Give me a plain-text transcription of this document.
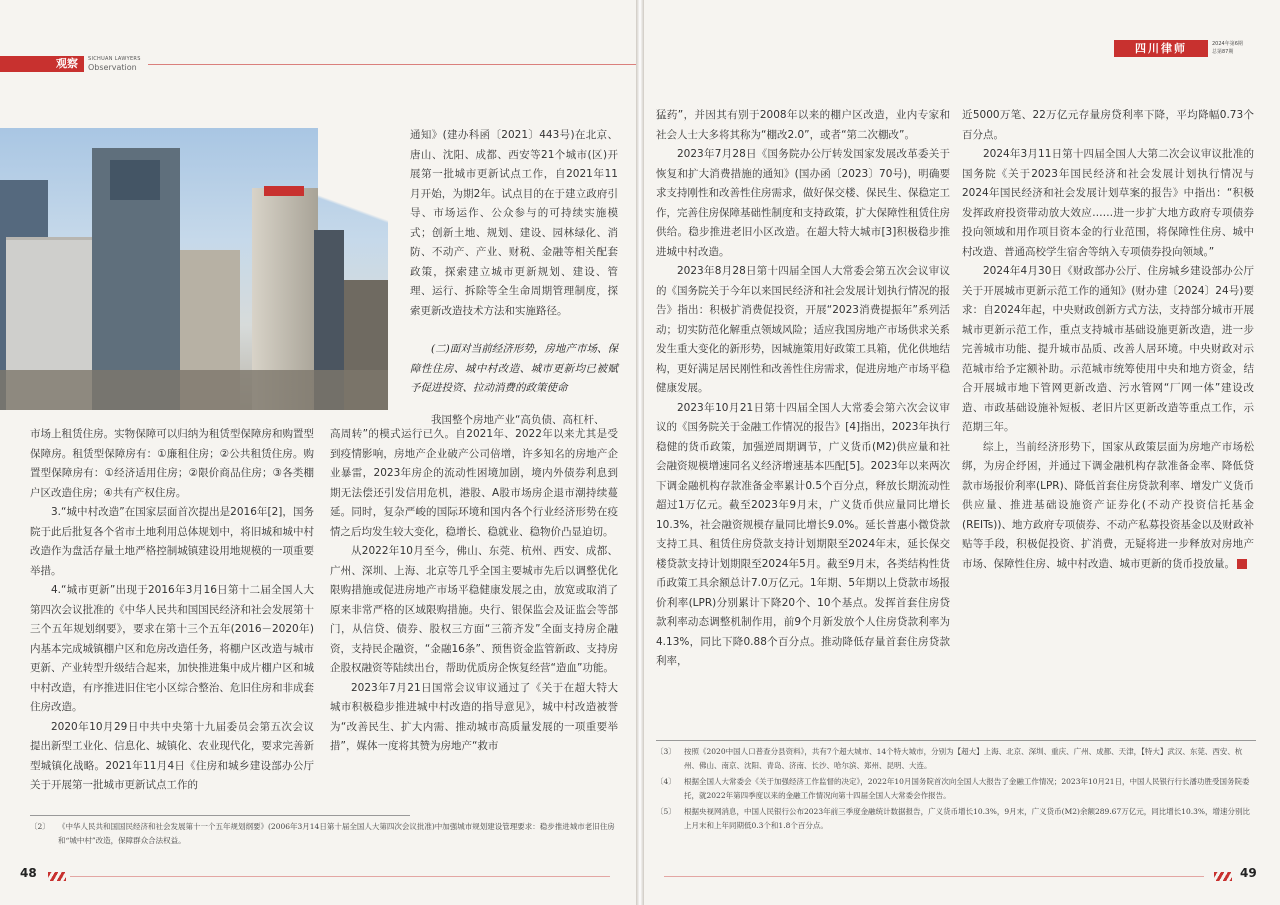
观察	SICHUAN LAWYERS
Observation

通知》(建办科函〔2021〕443号)在北京、唐山、沈阳、成都、西安等21个城市(区)开展第一批城市更新试点工作，自2021年11月开始，为期2年。试点目的在于建立政府引导、市场运作、公众参与的可持续实施模式；创新土地、规划、建设、园林绿化、消防、不动产、产业、财税、金融等相关配套政策，探索建立城市更新规划、建设、管理、运行、拆除等全生命周期管理制度，探索更新改造技术方法和实施路径。

(二)面对当前经济形势，房地产市场、保障性住房、城中村改造、城市更新均已被赋予促进投资、拉动消费的政策使命

我国整个房地产业“高负债、高杠杆、

市场上租赁住房。实物保障可以归纳为租赁型保障房和购置型保障房。租赁型保障房有：①廉租住房；②公共租赁住房。购置型保障房有：①经济适用住房；②限价商品住房；③各类棚户区改造住房；④共有产权住房。

3.“城中村改造”在国家层面首次提出是2016年[2]，国务院于此后批复各个省市土地利用总体规划中，将旧城和城中村改造作为盘活存量土地严格控制城镇建设用地规模的一项重要举措。

4.“城市更新”出现于2016年3月16日第十二届全国人大第四次会议批准的《中华人民共和国国民经济和社会发展第十三个五年规划纲要》，要求在第十三个五年(2016－2020年)内基本完成城镇棚户区和危房改造任务，将棚户区改造与城市更新、产业转型升级结合起来，加快推进集中成片棚户区和城中村改造，有序推进旧住宅小区综合整治、危旧住房和非成套住房改造。

2020年10月29日中共中央第十九届委员会第五次会议提出新型工业化、信息化、城镇化、农业现代化，要求完善新型城镇化战略。2021年11月4日《住房和城乡建设部办公厅关于开展第一批城市更新试点工作的

高周转”的模式运行已久。自2021年、2022年以来尤其是受到疫情影响，房地产企业破产公司倍增，许多知名的房地产企业暴雷，2023年房企的流动性困境加剧，境内外债券利息到期无法偿还引发信用危机，港股、A股市场房企退市潮持续蔓延。同时，复杂严峻的国际环境和国内各个行业经济形势在疫情之后均发生较大变化，稳增长、稳就业、稳物价凸显迫切。

从2022年10月至今，佛山、东莞、杭州、西安、成都、广州、深圳、上海、北京等几乎全国主要城市先后以调整优化限购措施或促进房地产市场平稳健康发展之由，放宽或取消了原来非常严格的区域限购措施。央行、银保监会及证监会等部门，从信贷、债券、股权三方面“三箭齐发”全面支持房企融资，支持民企融资，“金融16条”、预售资金监管新政、支持房企股权融资等陆续出台，帮助优质房企恢复经营“造血”功能。

2023年7月21日国常会议审议通过了《关于在超大特大城市积极稳步推进城中村改造的指导意见》，城中村改造被誉为“改善民生、扩大内需、推动城市高质量发展的一项重要举措”，媒体一度将其赞为房地产“救市

〔2〕	《中华人民共和国国民经济和社会发展第十一个五年规划纲要》(2006年3月14日第十届全国人大第四次会议批准)中加强城市规划建设管理要求：稳步推进城市老旧住房和“城中村”改造，保障群众合法权益。
48
四川律师	2024年第6期
总第87期

猛药”，并因其有别于2008年以来的棚户区改造，业内专家和社会人士大多将其称为“棚改2.0”，或者“第二次棚改”。

2023年7月28日《国务院办公厅转发国家发展改革委关于恢复和扩大消费措施的通知》(国办函〔2023〕70号)，明确要求支持刚性和改善性住房需求，做好保交楼、保民生、保稳定工作，完善住房保障基础性制度和支持政策，扩大保障性租赁住房供给。稳步推进老旧小区改造。在超大特大城市[3]积极稳步推进城中村改造。

2023年8月28日第十四届全国人大常委会第五次会议审议的《国务院关于今年以来国民经济和社会发展计划执行情况的报告》指出：积极扩消费促投资，开展“2023消费提振年”系列活动；切实防范化解重点领域风险；适应我国房地产市场供求关系发生重大变化的新形势，因城施策用好政策工具箱，优化供地结构，更好满足居民刚性和改善性住房需求，促进房地产市场平稳健康发展。

2023年10月21日第十四届全国人大常委会第六次会议审议的《国务院关于金融工作情况的报告》[4]指出，2023年执行稳健的货币政策，加强逆周期调节，广义货币(M2)供应量和社会融资规模增速同名义经济增速基本匹配[5]。2023年以来两次下调金融机构存款准备金率累计0.5个百分点，释放长期流动性超过1万亿元。截至2023年9月末，广义货币供应量同比增长10.3%，社会融资规模存量同比增长9.0%。延长普惠小微贷款支持工具、租赁住房贷款支持计划期限至2024年末，延长保交楼贷款支持计划期限至2024年5月。截至9月末，各类结构性货币政策工具余额总计7.0万亿元。1年期、5年期以上贷款市场报价利率(LPR)分别累计下降20个、10个基点。发挥首套住房贷款利率动态调整机制作用，前9个月新发放个人住房贷款利率为4.13%，同比下降0.88个百分点。推动降低存量首套住房贷款利率，

近5000万笔、22万亿元存量房贷利率下降，平均降幅0.73个百分点。

2024年3月11日第十四届全国人大第二次会议审议批准的国务院《关于2023年国民经济和社会发展计划执行情况与2024年国民经济和社会发展计划草案的报告》中指出：“积极发挥政府投资带动放大效应……进一步扩大地方政府专项债券投向领域和用作项目资本金的行业范围，将保障性住房、城中村改造、普通高校学生宿舍等纳入专项债券投向领域。”

2024年4月30日《财政部办公厅、住房城乡建设部办公厅关于开展城市更新示范工作的通知》(财办建〔2024〕24号)要求：自2024年起，中央财政创新方式方法，支持部分城市开展城市更新示范工作，重点支持城市基础设施更新改造，进一步完善城市功能、提升城市品质、改善人居环境。中央财政对示范城市给予定额补助。示范城市统筹使用中央和地方资金，结合开展城市地下管网更新改造、污水管网“厂网一体”建设改造、市政基础设施补短板、老旧片区更新改造等重点工作，示范期三年。

综上，当前经济形势下，国家从政策层面为房地产市场松绑，为房企纾困，并通过下调金融机构存款准备金率、降低贷款市场报价利率(LPR)、降低首套住房贷款利率、增发广义货币供应量、推进基础设施资产证券化(不动产投资信托基金(REITs))、地方政府专项债券、不动产私募投资基金以及财政补贴等手段，积极促投资、扩消费，无疑将进一步释放对房地产市场、保障性住房、城中村改造、城市更新的货币投放量。

〔3〕	按照《2020中国人口普查分县资料》，共有7个超大城市、14个特大城市，分别为【超大】上海、北京、深圳、重庆、广州、成都、天津，【特大】武汉、东莞、西安、杭州、佛山、南京、沈阳、青岛、济南、长沙、哈尔滨、郑州、昆明、大连。
〔4〕	根据全国人大常委会《关于加强经济工作监督的决定》，2022年10月国务院首次向全国人大报告了金融工作情况；2023年10月21日，中国人民银行行长潘功胜受国务院委托，就2022年第四季度以来的金融工作情况向第十四届全国人大常委会作报告。
〔5〕	根据央视网消息，中国人民银行公布2023年前三季度金融统计数据报告，广义货币增长10.3%，9月末，广义货币(M2)余额289.67万亿元，同比增长10.3%，增速分别比上月末和上年同期低0.3个和1.8个百分点。
49
